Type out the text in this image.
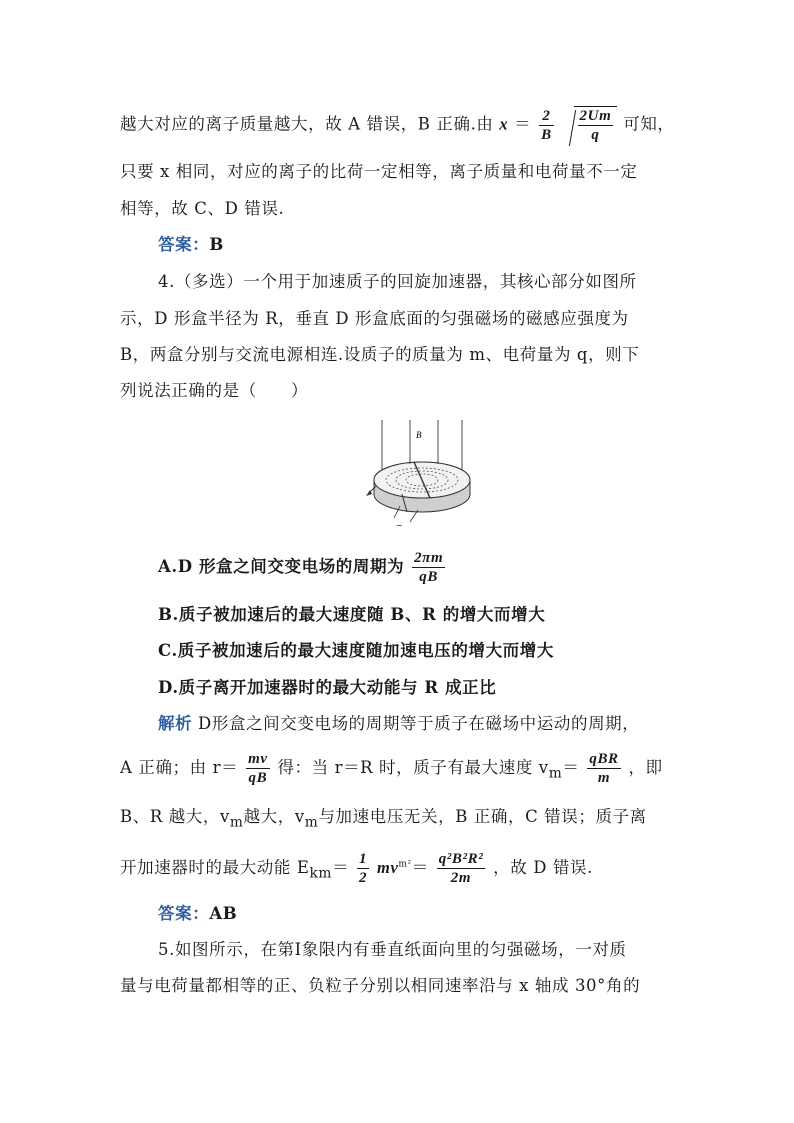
越大对应的离子质量越大，故 A 错误，B 正确.由 $x = \frac{2}{B}$
$\frac{2Um}{q}$ 可知，
只要 x 相同，对应的离子的比荷一定相等，离子质量和电荷量不一定
相等，故 C、D 错误.
答案：B
4.（多选）一个用于加速质子的回旋加速器，其核心部分如图所
示，D 形盒半径为 R，垂直 D 形盒底面的匀强磁场的磁感应强度为
B，两盒分别与交流电源相连.设质子的质量为 m、电荷量为 q，则下
列说法正确的是（　　）
B
~
A.D 形盒之间交变电场的周期为 $\frac{2\pi m}{qB}$
B.质子被加速后的最大速度随 B、R 的增大而增大
C.质子被加速后的最大速度随加速电压的增大而增大
D.质子离开加速器时的最大动能与 R 成正比
解析 D形盒之间交变电场的周期等于质子在磁场中运动的周期，
A 正确；由 $r= \frac{mv}{qB}$ 得：当 r＝R 时，质子有最大速度 $v_m= \frac{\text{qBR}}{m}$ ，即
B、R 越大，$v_m$越大，$v_m$与加速电压无关，B 正确，C 错误；质子离
开加速器时的最大动能 $E_{km}= \frac{1}{2} mv^{m^2}= \frac{\text{q²B²R²}}{2m}$ ，故 D 错误.
答案：AB
5.如图所示，在第Ⅰ象限内有垂直纸面向里的匀强磁场，一对质
量与电荷量都相等的正、负粒子分别以相同速率沿与 x 轴成 30°角的
